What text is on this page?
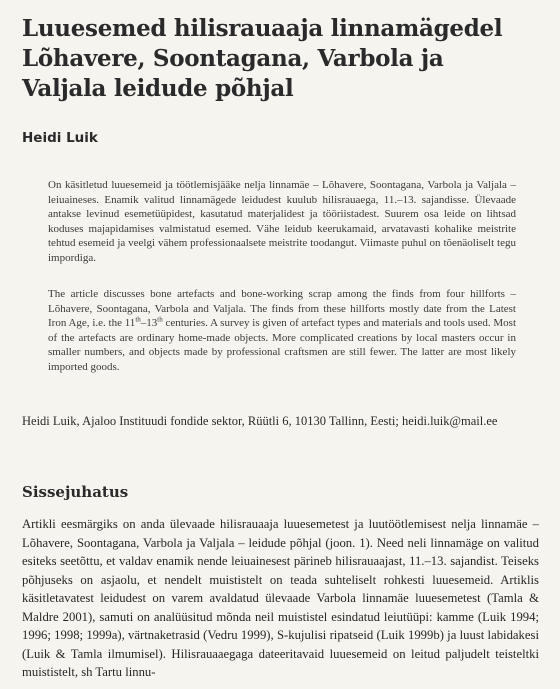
Luuesemed hilisrauaaja linnamägedel Lõhavere, Soontagana, Varbola ja Valjala leidude põhjal

Heidi Luik

On käsitletud luuesemeid ja töötlemisjääke nelja linnamäe – Lõhavere, Soontagana, Varbola ja Valjala – leiuaineses. Enamik valitud linnamägede leidudest kuulub hilisrauaega, 11.–13. sajandisse. Ülevaade antakse levinud esemetüüpidest, kasutatud materjalidest ja tööriistadest. Suurem osa leide on lihtsad koduses majapidamises valmistatud esemed. Vähe leidub keerukamaid, arvatavasti kohalike meistrite tehtud esemeid ja veelgi vähem professionaalsete meistrite toodangut. Viimaste puhul on tõenäoliselt tegu impordiga.

The article discusses bone artefacts and bone-working scrap among the finds from four hillforts – Lõhavere, Soontagana, Varbola and Valjala. The finds from these hillforts mostly date from the Latest Iron Age, i.e. the 11th–13th centuries. A survey is given of artefact types and materials and tools used. Most of the artefacts are ordinary home-made objects. More complicated creations by local masters occur in smaller numbers, and objects made by professional craftsmen are still fewer. The latter are most likely imported goods.

Heidi Luik, Ajaloo Instituudi fondide sektor, Rüütli 6, 10130 Tallinn, Eesti; heidi.luik@mail.ee

Sissejuhatus

Artikli eesmärgiks on anda ülevaade hilisrauaaja luuesemetest ja luutöötlemisest nelja linnamäe – Lõhavere, Soontagana, Varbola ja Valjala – leidude põhjal (joon. 1). Need neli linnamäge on valitud esiteks seetõttu, et valdav enamik nende leiuainesest pärineb hilisrauaajast, 11.–13. sajandist. Teiseks põhjuseks on asjaolu, et nendelt muististelt on teada suhteliselt rohkesti luuesemeid. Artiklis käsitletavatest leidudest on varem avaldatud ülevaade Varbola linnamäe luuesemetest (Tamla & Maldre 2001), samuti on analüüsitud mõnda neil muististel esindatud leiutüüpi: kamme (Luik 1994; 1996; 1998; 1999a), värtnaketrasid (Vedru 1999), S-kujulisi ripatseid (Luik 1999b) ja luust labidakesi (Luik & Tamla ilmumisel). Hilisrauaaegaga dateeritavaid luuesemeid on leitud paljudelt teisteltki muististelt, sh Tartu linnu-
